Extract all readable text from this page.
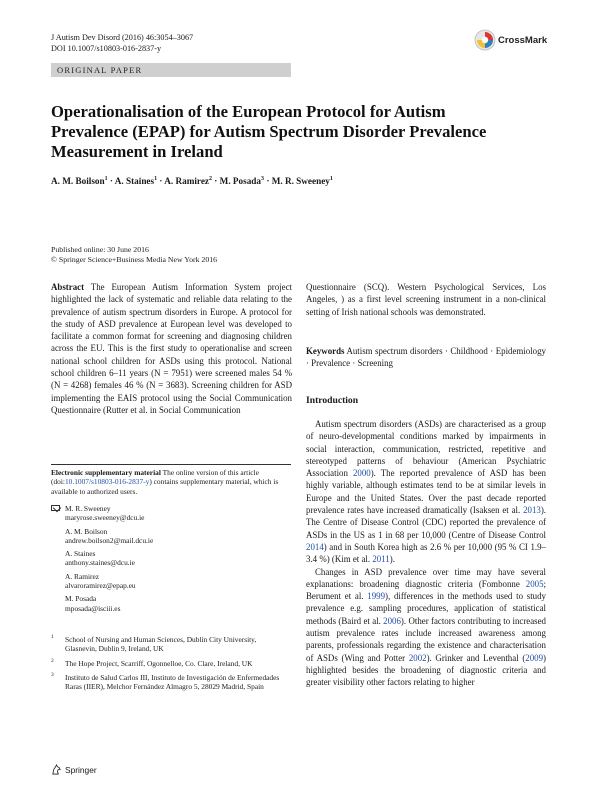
J Autism Dev Disord (2016) 46:3054–3067
DOI 10.1007/s10803-016-2837-y
CrossMark
ORIGINAL PAPER
Operationalisation of the European Protocol for Autism Prevalence (EPAP) for Autism Spectrum Disorder Prevalence Measurement in Ireland
A. M. Boilson$^1$ · A. Staines$^1$ · A. Ramirez$^2$ · M. Posada$^3$ · M. R. Sweeney$^1$
Published online: 30 June 2016
© Springer Science+Business Media New York 2016
Abstract The European Autism Information System project highlighted the lack of systematic and reliable data relating to the prevalence of autism spectrum disorders in Europe. A protocol for the study of ASD prevalence at European level was developed to facilitate a common format for screening and diagnosing children across the EU. This is the first study to operationalise and screen national school children for ASDs using this protocol. National school children 6–11 years (N = 7951) were screened males 54 % (N = 4268) females 46 % (N = 3683). Screening children for ASD implementing the EAIS protocol using the Social Communication Questionnaire (Rutter et al. in Social Communication
Questionnaire (SCQ). Western Psychological Services, Los Angeles, ) as a first level screening instrument in a non-clinical setting of Irish national schools was demonstrated.
Keywords Autism spectrum disorders · Childhood · Epidemiology · Prevalence · Screening
Introduction

Autism spectrum disorders (ASDs) are characterised as a group of neuro-developmental conditions marked by impairments in social interaction, communication, restricted, repetitive and stereotyped patterns of behaviour (American Psychiatric Association 2000). The reported prevalence of ASD has been highly variable, although estimates tend to be at similar levels in Europe and the United States. Over the past decade reported prevalence rates have increased dramatically (Isaksen et al. 2013). The Centre of Disease Control (CDC) reported the prevalence of ASDs in the US as 1 in 68 per 10,000 (Centre of Disease Control 2014) and in South Korea high as 2.6 % per 10,000 (95 % CI 1.9–3.4 %) (Kim et al. 2011).

Changes in ASD prevalence over time may have several explanations: broadening diagnostic criteria (Fombonne 2005; Berument et al. 1999), differences in the methods used to study prevalence e.g. sampling procedures, application of statistical methods (Baird et al. 2006). Other factors contributing to increased autism prevalence rates include increased awareness among parents, professionals regarding the existence and characterisation of ASDs (Wing and Potter 2002). Grinker and Leventhal (2009) highlighted besides the broadening of diagnostic criteria and greater visibility other factors relating to higher

Electronic supplementary material The online version of this article (doi:10.1007/s10803-016-2837-y) contains supplementary material, which is available to authorized users.
M. R. Sweeney
maryrose.sweeney@dcu.ie
A. M. Boilson
andrew.boilson2@mail.dcu.ie
A. Staines
anthony.staines@dcu.ie
A. Ramirez
alvaroramirez@epap.eu
M. Posada
mposada@isciii.es
1 School of Nursing and Human Sciences, Dublin City University, Glasnevin, Dublin 9, Ireland, UK
2 The Hope Project, Scarriff, Ogonnelloe, Co. Clare, Ireland, UK
3 Instituto de Salud Carlos III, Instituto de Investigación de Enfermedades Raras (IIER), Melchor Fernández Almagro 5, 28029 Madrid, Spain
Springer
